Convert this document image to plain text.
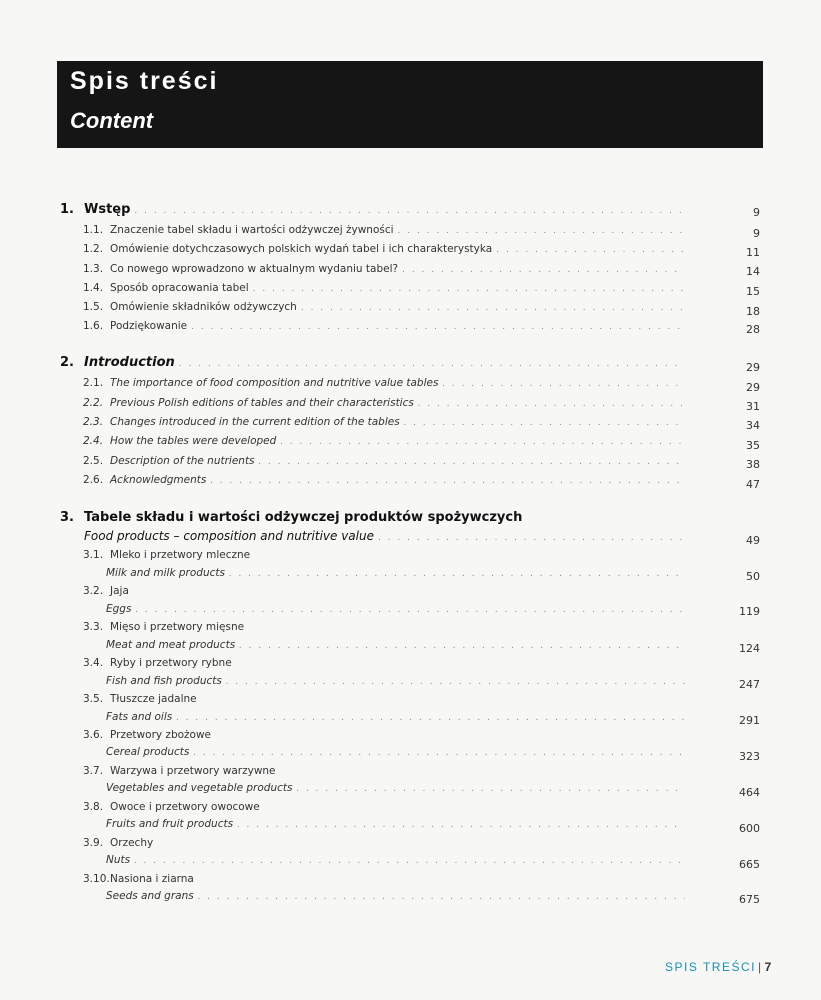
Spis treści
Content
1. Wstęp . . .	9
1.1. Znaczenie tabel składu i wartości odżywczej żywności . . .	9
1.2. Omówienie dotychczasowych polskich wydań tabel i ich charakterystyka . . .	11
1.3. Co nowego wprowadzono w aktualnym wydaniu tabel? . . .	14
1.4. Sposób opracowania tabel . . .	15
1.5. Omówienie składników odżywczych . . .	18
1.6. Podziękowanie . . .	28
2. Introduction . . .	29
2.1. The importance of food composition and nutritive value tables . . .	29
2.2. Previous Polish editions of tables and their characteristics . . .	31
2.3. Changes introduced in the current edition of the tables . . .	34
2.4. How the tables were developed . . .	35
2.5. Description of the nutrients . . .	38
2.6. Acknowledgments . . .	47
3. Tabele składu i wartości odżywczej produktów spożywczych
Food products – composition and nutritive value . . .	49
3.1. Mleko i przetwory mleczne
Milk and milk products . . .	50
3.2. Jaja
Eggs . . .	119
3.3. Mięso i przetwory mięsne
Meat and meat products . . .	124
3.4. Ryby i przetwory rybne
Fish and fish products . . .	247
3.5. Tłuszcze jadalne
Fats and oils . . .	291
3.6. Przetwory zbożowe
Cereal products . . .	323
3.7. Warzywa i przetwory warzywne
Vegetables and vegetable products . . .	464
3.8. Owoce i przetwory owocowe
Fruits and fruit products . . .	600
3.9. Orzechy
Nuts . . .	665
3.10. Nasiona i ziarna
Seeds and grans . . .	675
SPIS TREŚCI | 7
